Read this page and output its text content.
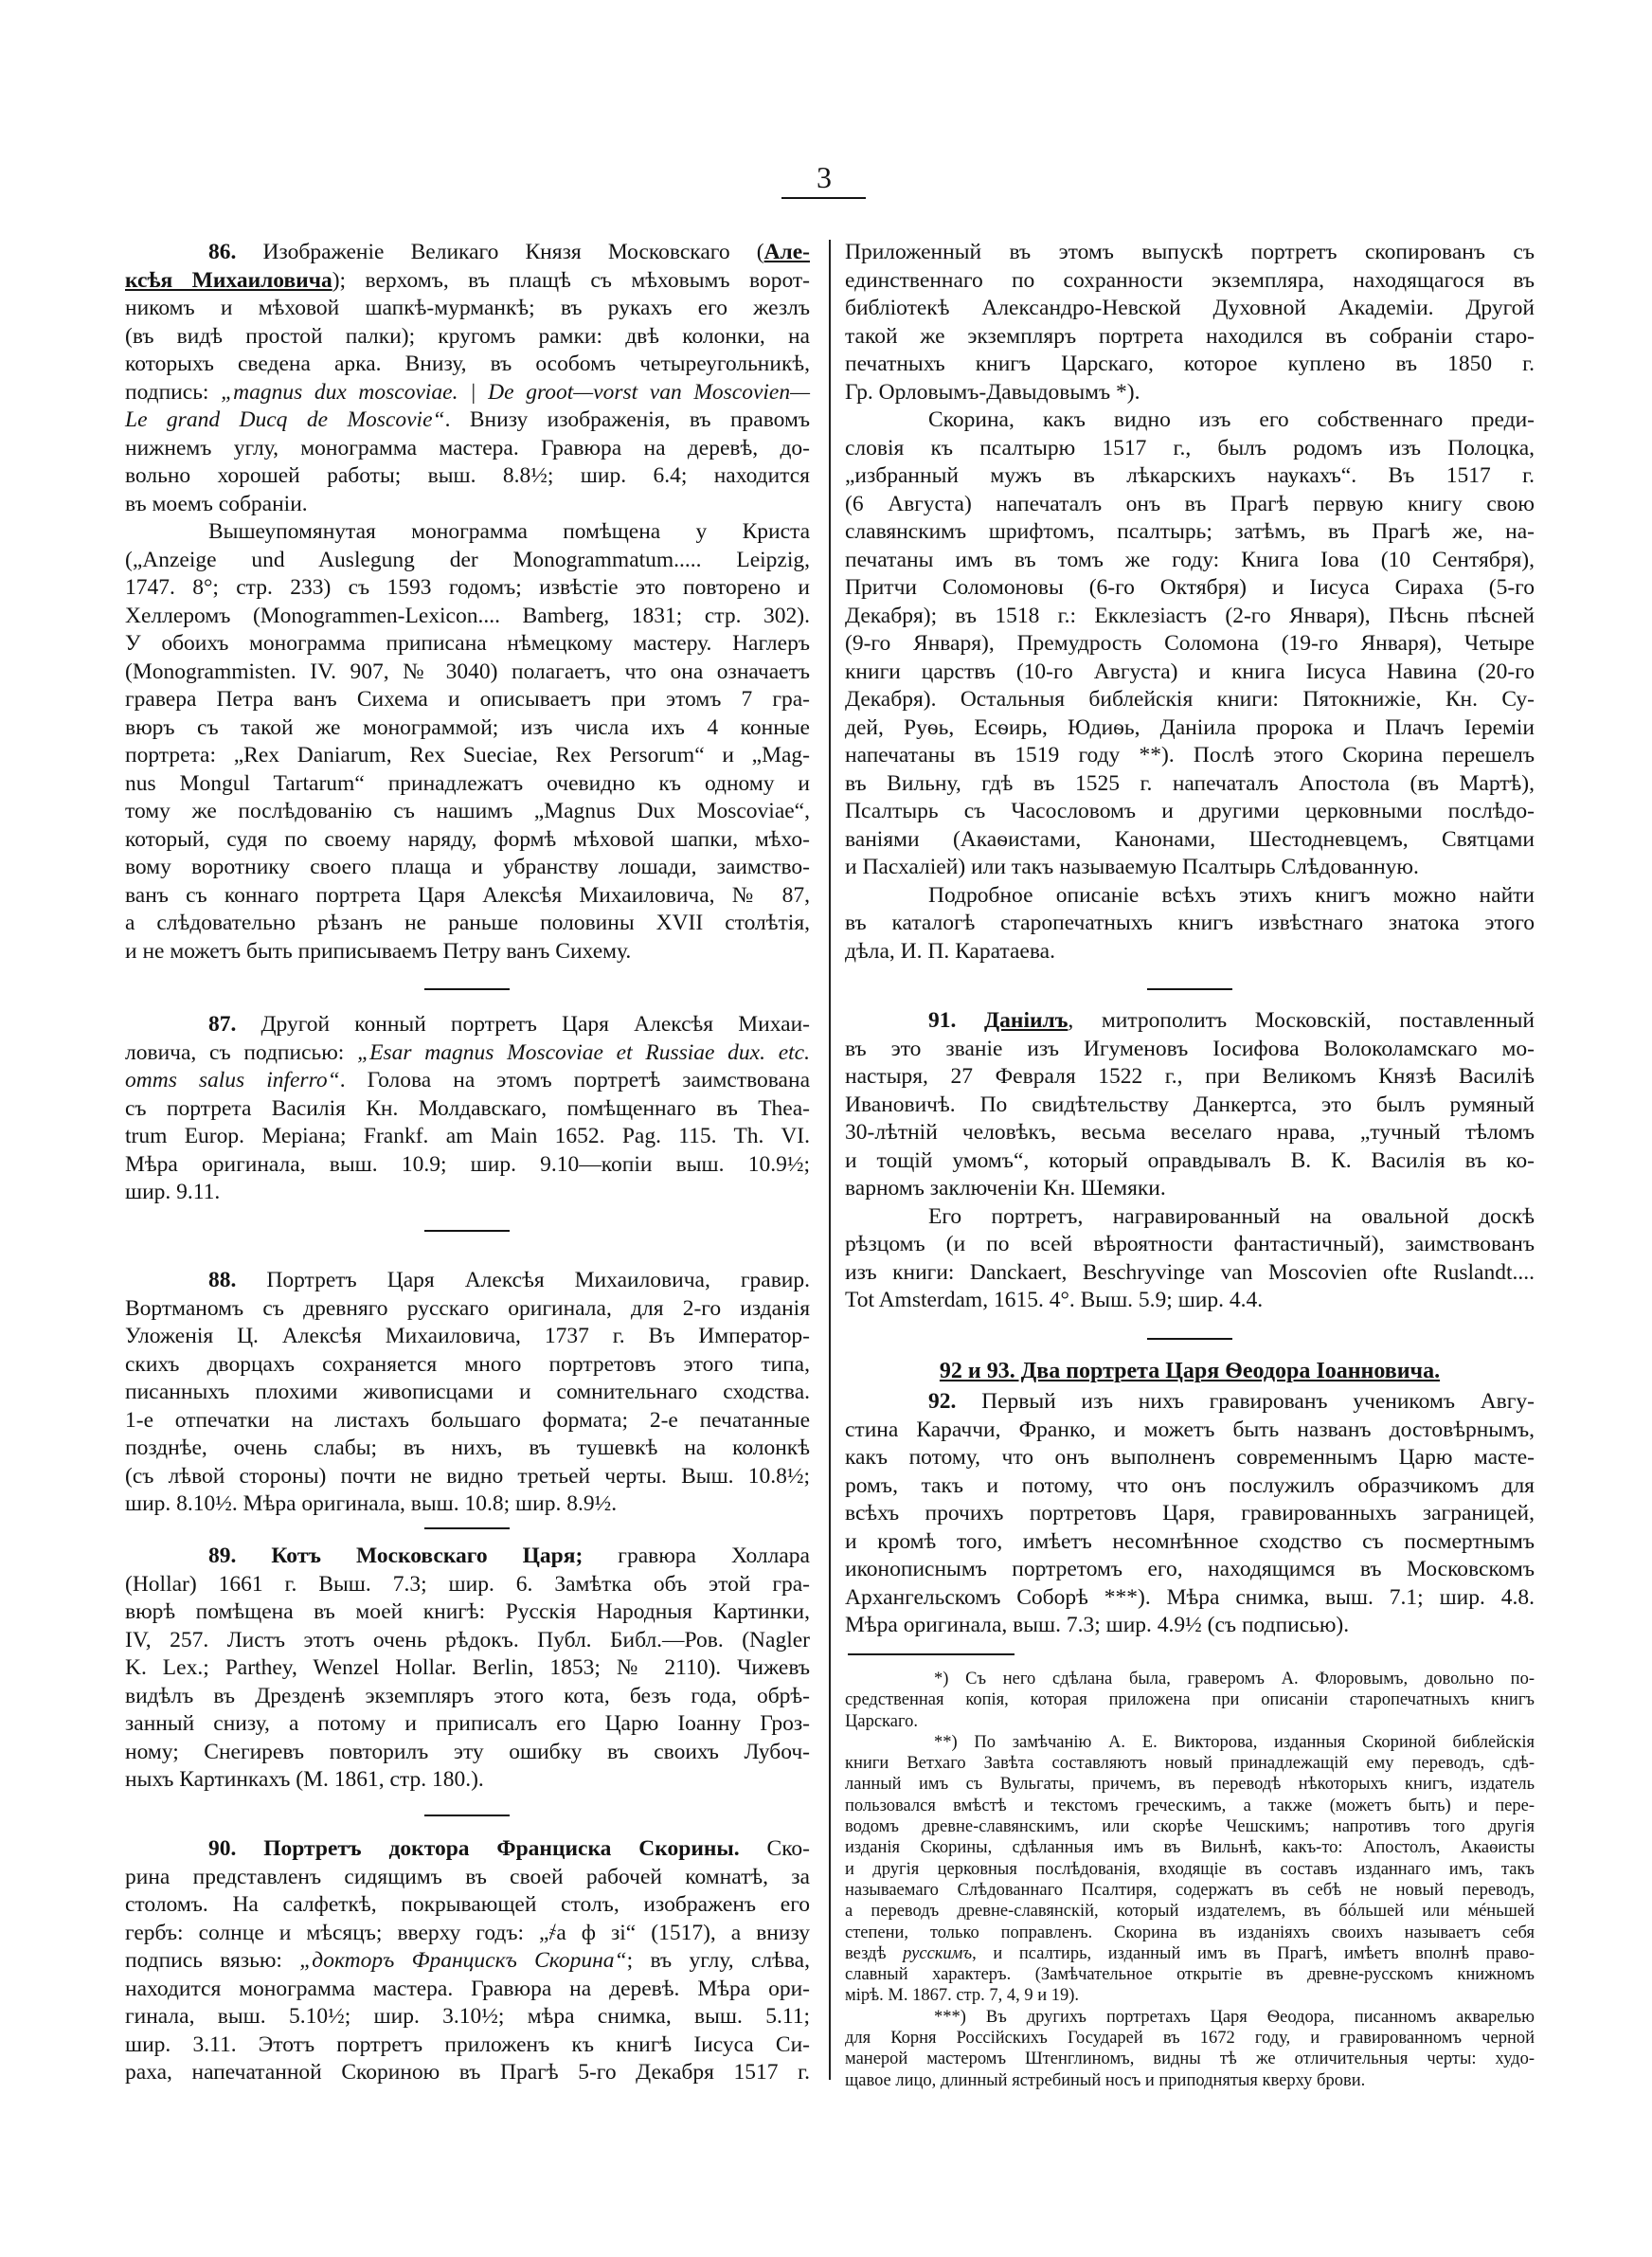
3
86. Изображеніе Великаго Князя Московскаго (Але-
ксѣя Михаиловича); верхомъ, въ плащѣ съ мѣховымъ ворот-
никомъ и мѣховой шапкѣ-мурманкѣ; въ рукахъ его жезлъ
(въ видѣ простой палки); кругомъ рамки: двѣ колонки, на
которыхъ сведена арка. Внизу, въ особомъ четыреугольникѣ,
подпись: „magnus dux moscoviae. | De groot—vorst van Moscovien—
Le grand Ducq de Moscovie“. Внизу изображенія, въ правомъ
нижнемъ углу, монограмма мастера. Гравюра на деревѣ, до-
вольно хорошей работы; выш. 8.8½; шир. 6.4; находится
въ моемъ собраніи.
Вышеупомянутая монограмма помѣщена у Криста
(„Anzeige und Auslegung der Monogrammatum..... Leipzig,
1747. 8°; стр. 233) съ 1593 годомъ; извѣстіе это повторено и
Хеллеромъ (Monogrammen-Lexicon.... Bamberg, 1831; стр. 302).
У обоихъ монограмма приписана нѣмецкому мастеру. Наглеръ
(Monogrammisten. IV. 907, № 3040) полагаетъ, что она означаетъ
гравера Петра ванъ Сихема и описываетъ при этомъ 7 гра-
вюръ съ такой же монограммой; изъ числа ихъ 4 конные
портрета: „Rex Daniarum, Rex Sueciae, Rex Persorum“ и „Mag-
nus Mongul Tartarum“ принадлежатъ очевидно къ одному и
тому же послѣдованію съ нашимъ „Magnus Dux Moscoviae“,
который, судя по своему наряду, формѣ мѣховой шапки, мѣхо-
вому воротнику своего плаща и убранству лошади, заимство-
ванъ съ коннаго портрета Царя Алексѣя Михаиловича, № 87,
а слѣдовательно рѣзанъ не раньше половины XVII столѣтія,
и не можетъ быть приписываемъ Петру ванъ Сихему.
87. Другой конный портретъ Царя Алексѣя Михаи-
ловича, съ подписью: „Esar magnus Moscoviae et Russiae dux. etc.
omms salus inferro“. Голова на этомъ портретѣ заимствована
съ портрета Василія Кн. Молдавскаго, помѣщеннаго въ Thea-
trum Europ. Меріана; Frankf. am Main 1652. Pag. 115. Th. VI.
Мѣра оригинала, выш. 10.9; шир. 9.10—копіи выш. 10.9½;
шир. 9.11.
88. Портретъ Царя Алексѣя Михаиловича, гравир.
Вортманомъ съ древняго русскаго оригинала, для 2-го изданія
Уложенія Ц. Алексѣя Михаиловича, 1737 г. Въ Император-
скихъ дворцахъ сохраняется много портретовъ этого типа,
писанныхъ плохими живописцами и сомнительнаго сходства.
1-е отпечатки на листахъ большаго формата; 2-е печатанные
позднѣе, очень слабы; въ нихъ, въ тушевкѣ на колонкѣ
(съ лѣвой стороны) почти не видно третьей черты. Выш. 10.8½;
шир. 8.10½. Мѣра оригинала, выш. 10.8; шир. 8.9½.
89. Котъ Московскаго Царя; гравюра Холлара
(Hollar) 1661 г. Выш. 7.3; шир. 6. Замѣтка объ этой гра-
вюрѣ помѣщена въ моей книгѣ: Русскія Народныя Картинки,
IV, 257. Листъ этотъ очень рѣдокъ. Публ. Библ.—Ров. (Nagler
K. Lex.; Parthey, Wenzel Hollar. Berlin, 1853; № 2110). Чижевъ
видѣлъ въ Дрезденѣ экземпляръ этого кота, безъ года, обрѣ-
занный снизу, а потому и приписалъ его Царю Іоанну Гроз-
ному; Снегиревъ повторилъ эту ошибку въ своихъ Лубоч-
ныхъ Картинкахъ (М. 1861, стр. 180.).
90. Портретъ доктора Франциска Скорины. Ско-
рина представленъ сидящимъ въ своей рабочей комнатѣ, за
столомъ. На салфеткѣ, покрывающей столъ, изображенъ его
гербъ: солнце и мѣсяцъ; вверху годъ: „҂а ф зі“ (1517), а внизу
подпись вязью: „докторъ Францискъ Скорина“; въ углу, слѣва,
находится монограмма мастера. Гравюра на деревѣ. Мѣра ори-
гинала, выш. 5.10½; шир. 3.10½; мѣра снимка, выш. 5.11;
шир. 3.11. Этотъ портретъ приложенъ къ книгѣ Іисуса Си-
раха, напечатанной Скориною въ Прагѣ 5-го Декабря 1517 г.
Приложенный въ этомъ выпускѣ портретъ скопированъ съ
единственнаго по сохранности экземпляра, находящагося въ
библіотекѣ Александро-Невской Духовной Академіи. Другой
такой же экземпляръ портрета находился въ собраніи старо-
печатныхъ книгъ Царскаго, которое куплено въ 1850 г.
Гр. Орловымъ-Давыдовымъ *).
Скорина, какъ видно изъ его собственнаго преди-
словія къ псалтырю 1517 г., былъ родомъ изъ Полоцка,
„избранный мужъ въ лѣкарскихъ наукахъ“. Въ 1517 г.
(6 Августа) напечаталъ онъ въ Прагѣ первую книгу свою
славянскимъ шрифтомъ, псалтырь; затѣмъ, въ Прагѣ же, на-
печатаны имъ въ томъ же году: Книга Іова (10 Сентября),
Притчи Соломоновы (6-го Октября) и Іисуса Сираха (5-го
Декабря); въ 1518 г.: Екклезіастъ (2-го Января), Пѣснь пѣсней
(9-го Января), Премудрость Соломона (19-го Января), Четыре
книги царствъ (10-го Августа) и книга Іисуса Навина (20-го
Декабря). Остальныя библейскія книги: Пятокнижіе, Кн. Су-
дей, Руѳь, Есѳирь, Юдиѳь, Даніила пророка и Плачъ Іереміи
напечатаны въ 1519 году **). Послѣ этого Скорина перешелъ
въ Вильну, гдѣ въ 1525 г. напечаталъ Апостола (въ Мартѣ),
Псалтырь съ Часословомъ и другими церковными послѣдо-
ваніями (Акаѳистами, Канонами, Шестодневцемъ, Святцами
и Пасхаліей) или такъ называемую Псалтырь Слѣдованную.
Подробное описаніе всѣхъ этихъ книгъ можно найти
въ каталогѣ старопечатныхъ книгъ извѣстнаго знатока этого
дѣла, И. П. Каратаева.
91. Даніилъ, митрополитъ Московскій, поставленный
въ это званіе изъ Игуменовъ Іосифова Волоколамскаго мо-
настыря, 27 Февраля 1522 г., при Великомъ Князѣ Василіѣ
Ивановичѣ. По свидѣтельству Данкертса, это былъ румяный
30-лѣтній человѣкъ, весьма веселаго нрава, „тучный тѣломъ
и тощій умомъ“, который оправдывалъ В. К. Василія въ ко-
варномъ заключеніи Кн. Шемяки.
Его портретъ, награвированный на овальной доскѣ
рѣзцомъ (и по всей вѣроятности фантастичный), заимствованъ
изъ книги: Danckaert, Beschryvinge van Moscovien ofte Ruslandt....
Tot Amsterdam, 1615. 4°. Выш. 5.9; шир. 4.4.
92 и 93. Два портрета Царя Ѳеодора Іоанновича.
92. Первый изъ нихъ гравированъ ученикомъ Авгу-
стина Караччи, Франко, и можетъ быть названъ достовѣрнымъ,
какъ потому, что онъ выполненъ современнымъ Царю масте-
ромъ, такъ и потому, что онъ послужилъ образчикомъ для
всѣхъ прочихъ портретовъ Царя, гравированныхъ заграницей,
и кромѣ того, имѣетъ несомнѣнное сходство съ посмертнымъ
иконописнымъ портретомъ его, находящимся въ Московскомъ
Архангельскомъ Соборѣ ***). Мѣра снимка, выш. 7.1; шир. 4.8.
Мѣра оригинала, выш. 7.3; шир. 4.9½ (съ подписью).
*) Съ него сдѣлана была, граверомъ А. Флоровымъ, довольно по-
средственная копія, которая приложена при описаніи старопечатныхъ книгъ
Царскаго.
**) По замѣчанію А. Е. Викторова, изданныя Скориной библейскія
книги Ветхаго Завѣта составляютъ новый принадлежащій ему переводъ, сдѣ-
ланный имъ съ Вульгаты, причемъ, въ переводѣ нѣкоторыхъ книгъ, издатель
пользовался вмѣстѣ и текстомъ греческимъ, а также (можетъ быть) и пере-
водомъ древне-славянскимъ, или скорѣе Чешскимъ; напротивъ того другія
изданія Скорины, сдѣланныя имъ въ Вильнѣ, какъ-то: Апостолъ, Акаѳисты
и другія церковныя послѣдованія, входящіе въ составъ изданнаго имъ, такъ
называемаго Слѣдованнаго Псалтиря, содержатъ въ себѣ не новый переводъ,
а переводъ древне-славянскій, который издателемъ, въ бóльшей или мéньшей
степени, только поправленъ. Скорина въ изданіяхъ своихъ называетъ себя
вездѣ русскимъ, и псалтирь, изданный имъ въ Прагѣ, имѣетъ вполнѣ право-
славный характеръ. (Замѣчательное открытіе въ древне-русскомъ книжномъ
мірѣ. М. 1867. стр. 7, 4, 9 и 19).
***) Въ другихъ портретахъ Царя Ѳеодора, писанномъ акварелью
для Корня Россійскихъ Государей въ 1672 году, и гравированномъ черной
манерой мастеромъ Штенглиномъ, видны тѣ же отличительныя черты: худо-
щавое лицо, длинный ястребиный носъ и приподнятыя кверху брови.
